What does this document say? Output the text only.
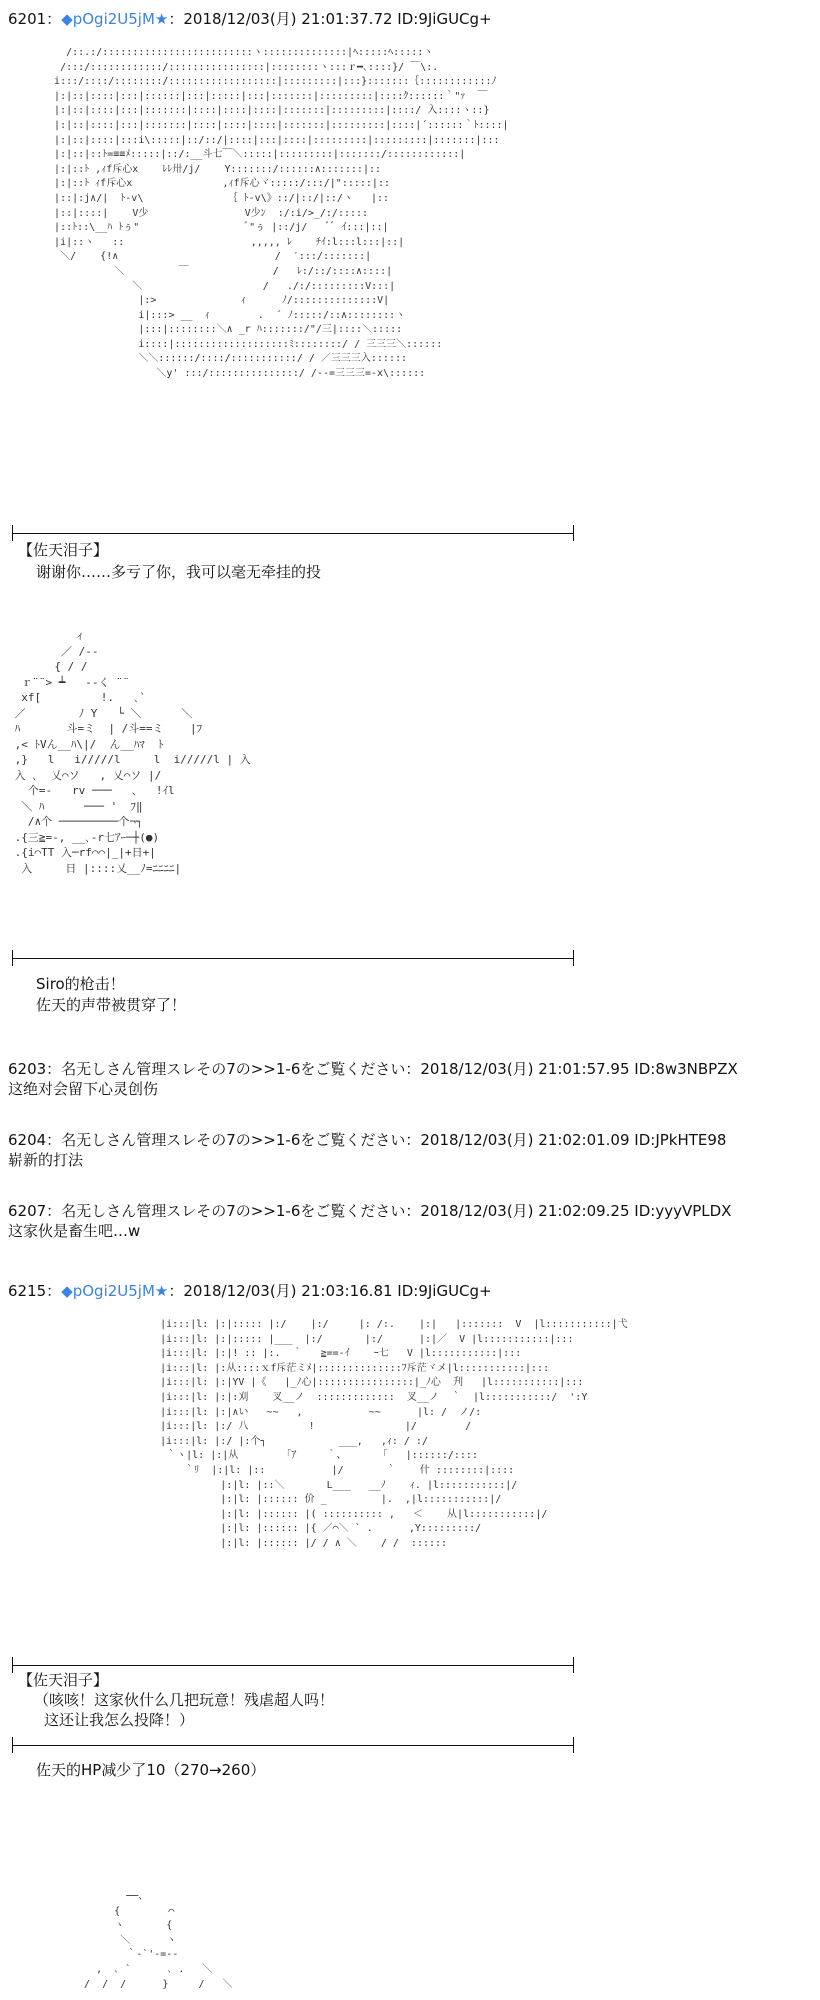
6201：◆pOgi2U5jM★：2018/12/03(月) 21:01:37.72 ID:9JiGUCg+
/::.:/:::::::::::::::::::::::::ヽ::::::::::::::|ﾍ:::::ﾍ:::::ヽ
/:::/::::::::::::/::::::::::::::::|::::::::ヽ:::ｒ━､::::}/ ￣\:.
i:::/::::/::::::::/::::::::::::::::::|:::::::::|:::}:::::::｛::::::::::::ﾉ
|:|::|::::|:::|::::::|:::|:::::|:::|:::::::|:::::::::|::::ｸ::::::｀"ｧ  ￣
|:|::|::::|:::|:::::::|::::|::::|::::|:::::::|:::::::::|::::/ 入::::ヽ::}
|:|::|::::|:::|:::::::|::::|::::|::::|:::::::|:::::::::|::::|´::::::｀ﾄ::::|
|:|::|::::|:::i\:::::|::/::/|::::|:::|::::|:::::::::|:::::::::|:::::::|:::
|:|::|::ﾄ=≡≡ﾒ:::::|::/:__斗七￣＼:::::|:::::::::|:::::::/::::::::::::|
|:|::ﾄ ,ｨf斥心x    ﾚﾚ卅/j/    Y:::::::/::::::∧:::::::|::
|:|::ﾄ ｨf斥心x               ,ｨf斥心ヾ:::::/:::/|":::::|::
|::|:j∧/|  ﾄ-v\              ｛ ﾄ-v\》::/|::/|::/ヽ   |::
|::|::::|    V少                V少ﾝ  :/:i/>_/:/:::::
|::ﾄ::\__ﾊ ﾄぅ"                  ﾞ"ぅ |::/j/   ﾞﾞ ｲ:::|::|
|i|::ヽ   ::                     ,,,,, ﾚ    ﾁｲ:l:::l:::|::|
＼/    {!∧                          /  ′:::/:::::::|
＼         ￣              /   ﾚ:/::/::::∧::::|
＼                    /   ./:/:::::::::V:::|
|:>              ｨ      ﾉ/::::::::::::::V|
i|:::> __  ｨ        .  ´ ﾉ:::::/::∧::::::::ヽ
|:::|::::::::＼∧ _r ﾊ:::::::/"/三|::::＼:::::
i::::|:::::::::::::::::::ﾐ::::::::/ / 三三三＼::::::
＼＼::::::/::::/:::::::::::/ / ／三三三入::::::
＼y' :::/:::::::::::::::/ /--=三三三=-x\::::::
【佐天泪子】
谢谢你……多亏了你，我可以毫无牵挂的投
ィ
／ /--
{ / /
ｒ¨¨> ┷   ‐‐く ¨¨
xf[         !.   ､`
／        ﾉ Y   └ ＼      ＼
ﾊ       斗=ミ  | /斗==ミ    |ﾌ
,< ﾄVん__ﾊ\|/  ん__ﾊﾏ  ﾄ
,}   l   i/////l     l  i/////l | 入
入 ､  乂⌒ソ   , 乂⌒ソ |/
个=-   rv ───   、  !ｲl
＼ ﾊ      ─── '  ﾌ‖
/∧个 ─────────个¬┐
.{三≧=-, __､-r七ｱｰ─┼(●)
.{i⌒TT 入─rf⌒⌒|_|+日+|
入     日 |::::乂__ﾉ=ﾆﾆﾆﾆ|
Siro的枪击！
佐天的声带被贯穿了！
6203：名无しさん管理スレその7の>>1-6をご覧ください：2018/12/03(月) 21:01:57.95 ID:8w3NBPZX
这绝对会留下心灵创伤
6204：名无しさん管理スレその7の>>1-6をご覧ください：2018/12/03(月) 21:02:01.09 ID:JPkHTE98
崭新的打法
6207：名无しさん管理スレその7の>>1-6をご覧ください：2018/12/03(月) 21:02:09.25 ID:yyyVPLDX
这家伙是畜生吧…w
6215：◆pOgi2U5jM★：2018/12/03(月) 21:03:16.81 ID:9JiGUCg+
|i:::|l: |:|::::: |:/    |:/     |: /:.    |:|   |:::::::  V  |l:::::::::::|弋
|i:::|l: |:|::::: |___  |:/       |:/      |:|／  V |l:::::::::::|:::
|i:::|l: |:|! :: |:.  ｀   ≧==-ｲ    ｰ七   V |l:::::::::::|:::
|i:::|l: |:从::::ｘf斥茫ミﾒ|::::::::::::::ﾌ斥茫ヾメ|l:::::::::::|:::
|i:::|l: |:|YV |《   |_ﾉ心|::::::::::::::::|_ﾉ心  刋   |l:::::::::::|:::
|i:::|l: |:|:刈    叉__ノ  :::::::::::::  叉__ノ  ｀  |l:::::::::::/  ':Y
|i:::|l: |:|∧い   ~~   ,           ~~      |l: /  ノ/:
|i:::|l: |:/ 八          !               |/        /
|i:::|l: |:/ |:个┐            ___,   ,ｨ: / :/
｀ヽ|l: |:|从        ｢ｱ     ｀、      ｢   |::::::/::::
｀ﾘ  |:|l: |::           |/       ｀    什 ::::::::|::::
|:|l: |::＼       L___   __ﾉ    ｨ. |l:::::::::::|/
|:|l: |:::::: 价 _         |.  ,|l:::::::::::|/
|:|l: |:::::: |( :::::::::: ,   ＜    从|l:::::::::::|/
|:|l: |:::::: |{ ／⌒＼ ` .      ,Y:::::::::/
|:|l: |:::::: |/ / ∧ ＼    / /  ::::::
【佐天泪子】
（咳咳！这家伙什么几把玩意！残虐超人吗！
这还让我怎么投降！）
佐天的HP减少了10（270→260）
──、
{        ⌒
ヽ       {
＼      ヽ
｀-`'‐=‐‐
,  ､ `      ､ .   ＼
/  /  /      }     /   ＼
